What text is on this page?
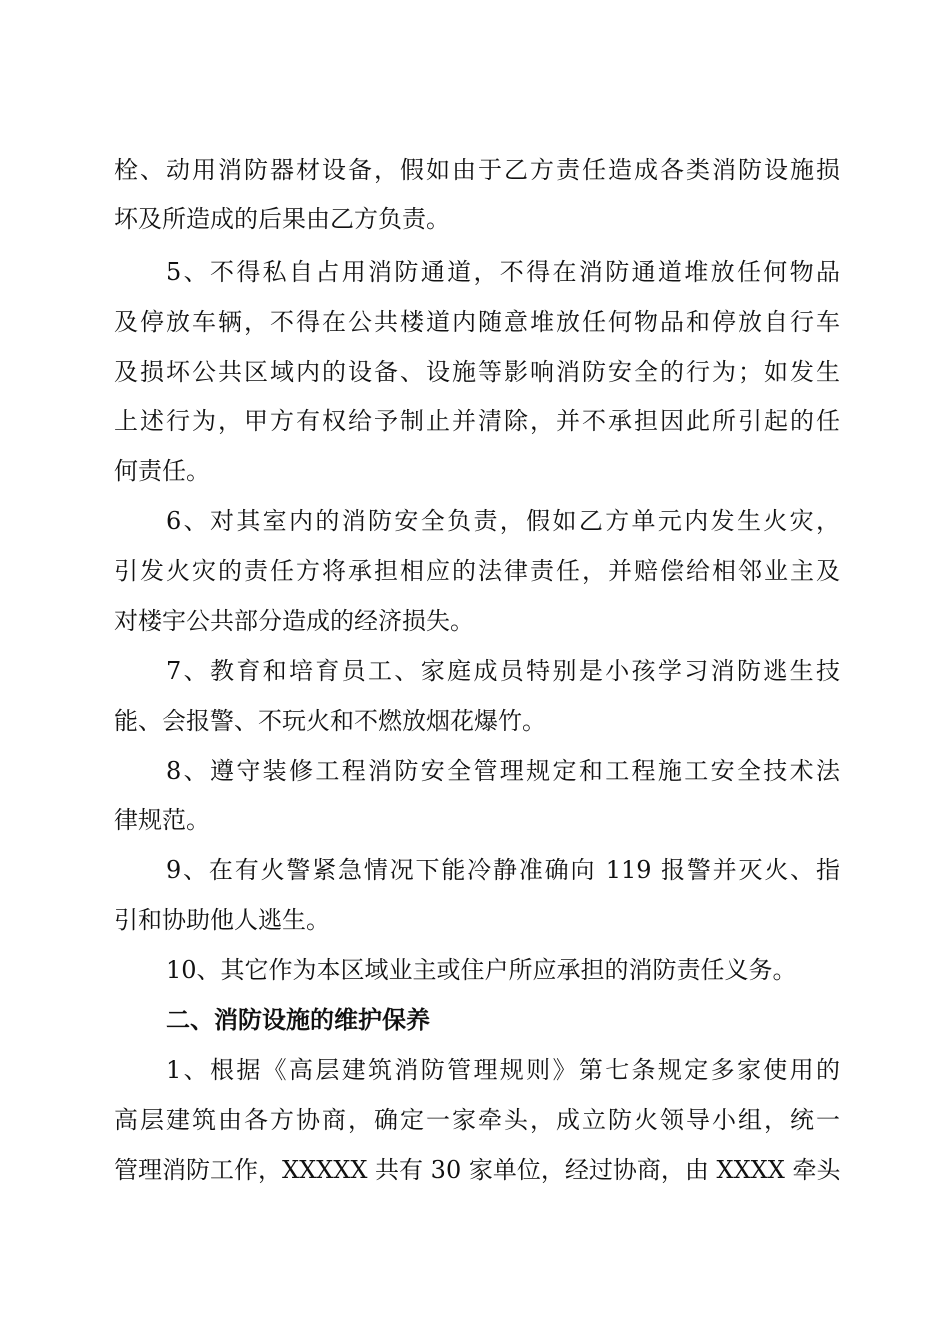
栓、动用消防器材设备，假如由于乙方责任造成各类消防设施损
坏及所造成的后果由乙方负责。
5、不得私自占用消防通道，不得在消防通道堆放任何物品
及停放车辆，不得在公共楼道内随意堆放任何物品和停放自行车
及损坏公共区域内的设备、设施等影响消防安全的行为；如发生
上述行为，甲方有权给予制止并清除，并不承担因此所引起的任
何责任。
6、对其室内的消防安全负责，假如乙方单元内发生火灾，
引发火灾的责任方将承担相应的法律责任，并赔偿给相邻业主及
对楼宇公共部分造成的经济损失。
7、教育和培育员工、家庭成员特别是小孩学习消防逃生技
能、会报警、不玩火和不燃放烟花爆竹。
8、遵守装修工程消防安全管理规定和工程施工安全技术法
律规范。
9、在有火警紧急情况下能冷静准确向 119 报警并灭火、指
引和协助他人逃生。
10、其它作为本区域业主或住户所应承担的消防责任义务。
二、消防设施的维护保养
1、根据《高层建筑消防管理规则》第七条规定多家使用的
高层建筑由各方协商，确定一家牵头，成立防火领导小组，统一
管理消防工作，XXXXX 共有 30 家单位，经过协商，由 XXXX 牵头
